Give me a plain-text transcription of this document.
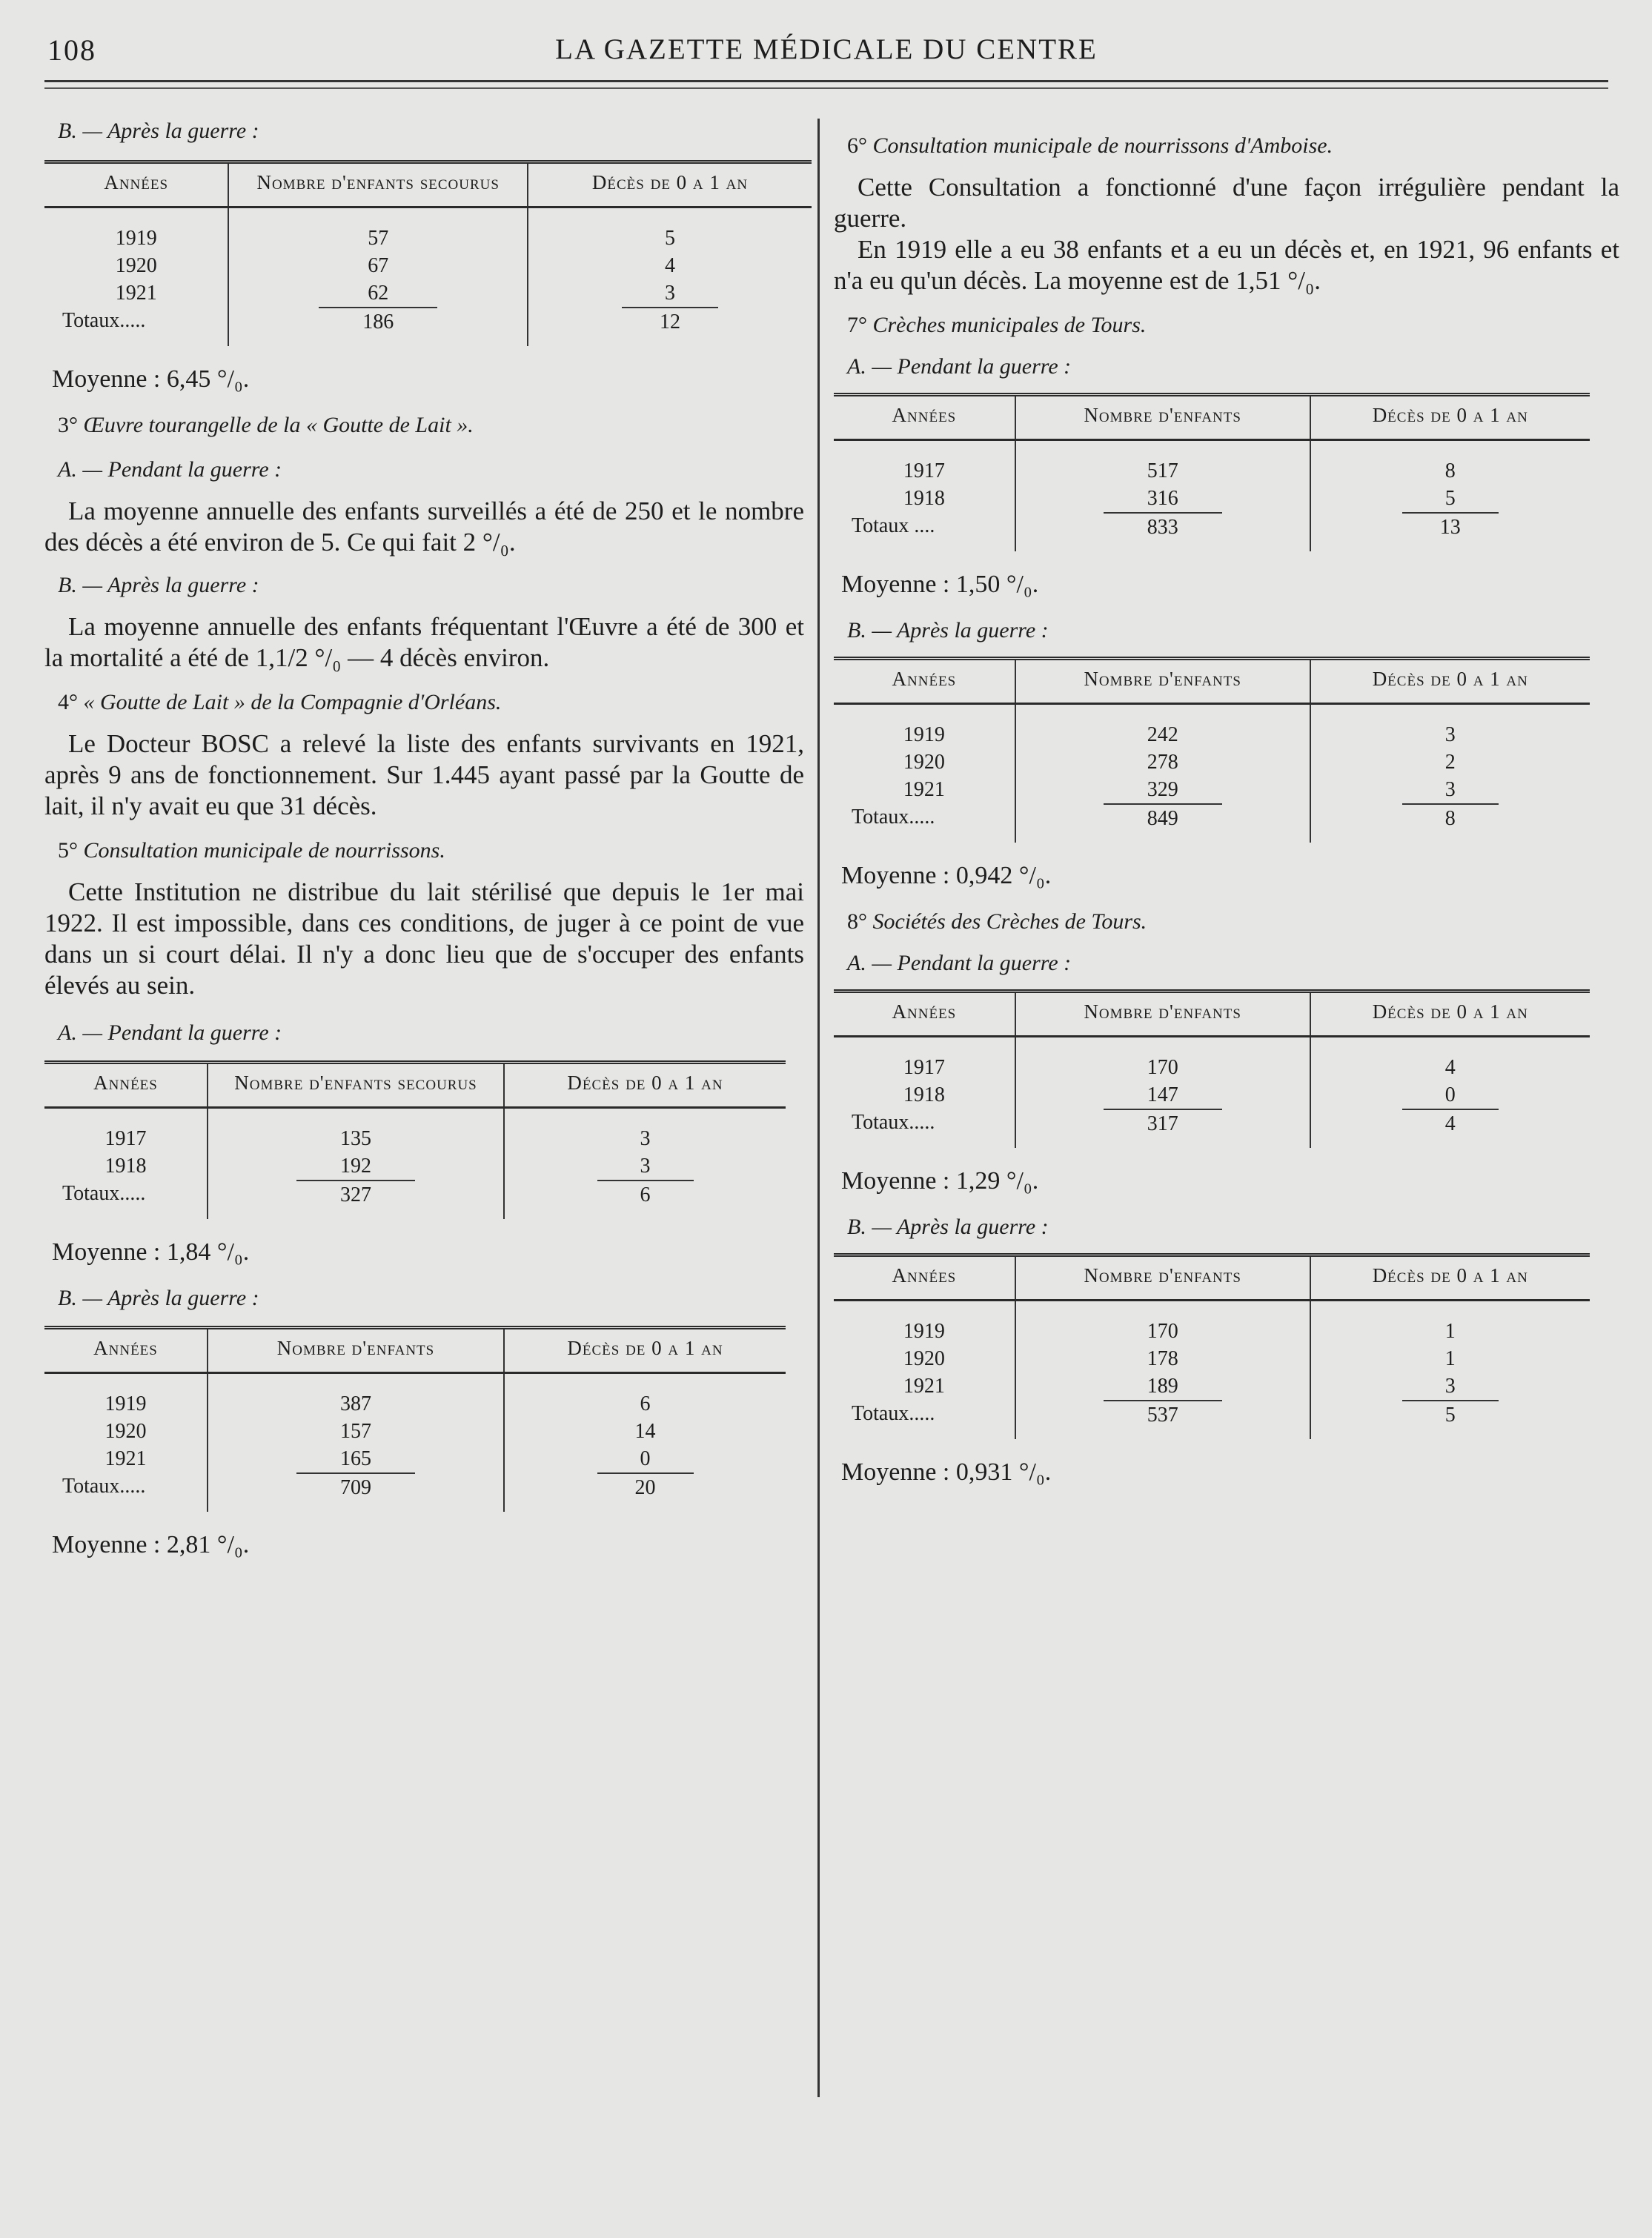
108	LA GAZETTE MÉDICALE DU CENTRE

B. — Après la guerre :

Années	Nombre d'enfants secourus	Décès de 0 a 1 an

1919	57	5
1920	67	4
1921	62	3
Totaux.....	186	12
Moyenne : 6,45 °/₀.

3° Œuvre tourangelle de la « Goutte de Lait ».

A. — Pendant la guerre :

La moyenne annuelle des enfants surveillés a été de 250 et le nombre des décès a été environ de 5. Ce qui fait 2 °/₀.

B. — Après la guerre :

La moyenne annuelle des enfants fréquentant l'Œuvre a été de 300 et la mortalité a été de 1,1/2 °/₀ — 4 décès environ.

4° « Goutte de Lait » de la Compagnie d'Orléans.

Le Docteur BOSC a relevé la liste des enfants survivants en 1921, après 9 ans de fonctionnement. Sur 1.445 ayant passé par la Goutte de lait, il n'y avait eu que 31 décès.

5° Consultation municipale de nourrissons.

Cette Institution ne distribue du lait stérilisé que depuis le 1er mai 1922. Il est impossible, dans ces conditions, de juger à ce point de vue dans un si court délai. Il n'y a donc lieu que de s'occuper des enfants élevés au sein.

A. — Pendant la guerre :

Années	Nombre d'enfants secourus	Décès de 0 a 1 an

1917	135	3
1918	192	3
Totaux.....	327	6
Moyenne : 1,84 °/₀.

B. — Après la guerre :

Années	Nombre d'enfants	Décès de 0 a 1 an

1919	387	6
1920	157	14
1921	165	0
Totaux.....	709	20
Moyenne : 2,81 °/₀.

6° Consultation municipale de nourrissons d'Amboise.

Cette Consultation a fonctionné d'une façon irrégulière pendant la guerre.

En 1919 elle a eu 38 enfants et a eu un décès et, en 1921, 96 enfants et n'a eu qu'un décès. La moyenne est de 1,51 °/₀.

7° Crèches municipales de Tours.

A. — Pendant la guerre :

Années	Nombre d'enfants	Décès de 0 a 1 an

1917	517	8
1918	316	5
Totaux ....	833	13
Moyenne : 1,50 °/₀.

B. — Après la guerre :

Années	Nombre d'enfants	Décès de 0 a 1 an

1919	242	3
1920	278	2
1921	329	3
Totaux.....	849	8
Moyenne : 0,942 °/₀.

8° Sociétés des Crèches de Tours.

A. — Pendant la guerre :

Années	Nombre d'enfants	Décès de 0 a 1 an

1917	170	4
1918	147	0
Totaux.....	317	4
Moyenne : 1,29 °/₀.

B. — Après la guerre :

Années	Nombre d'enfants	Décès de 0 a 1 an

1919	170	1
1920	178	1
1921	189	3
Totaux.....	537	5
Moyenne : 0,931 °/₀.
